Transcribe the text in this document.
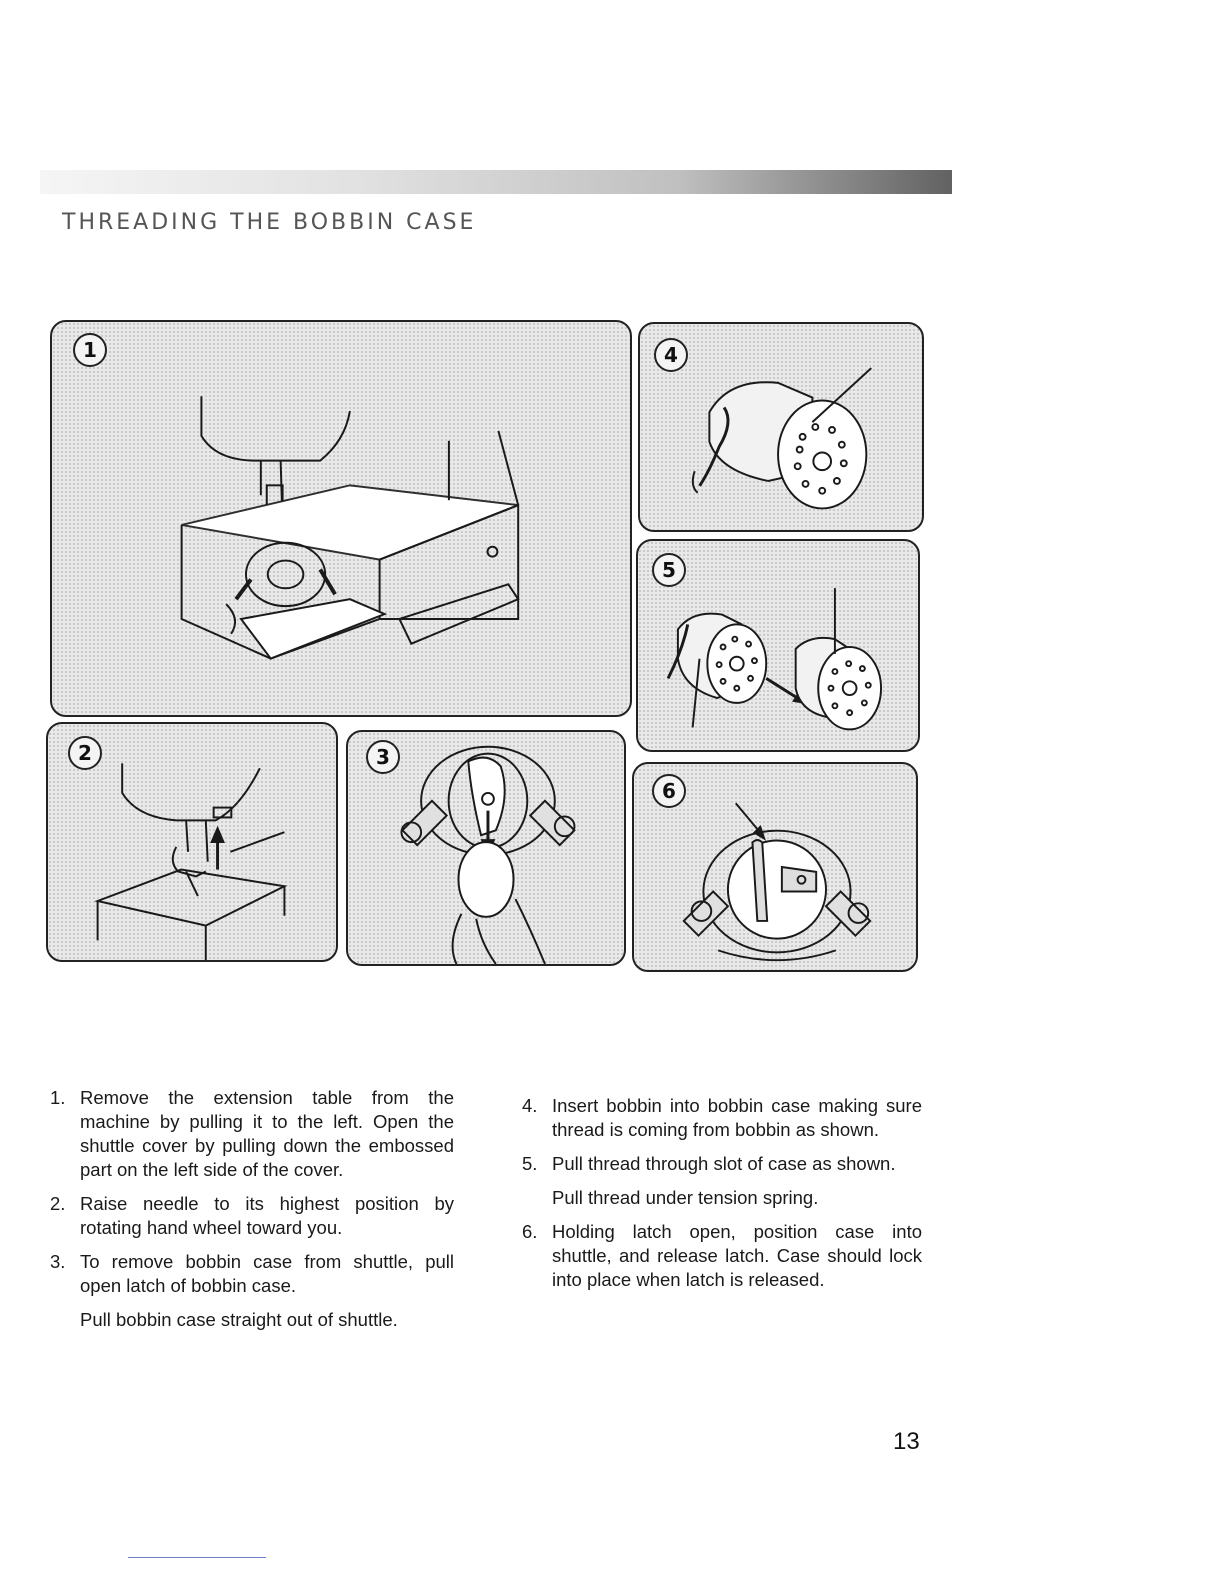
THREADING THE BOBBIN CASE
1	4
5
2	3
6
1. Remove the extension table from the machine by pulling it to the left. Open the shuttle cover by pulling down the embossed part on the left side of the cover.
2. Raise needle to its highest position by rotating hand wheel toward you.
3. To remove bobbin case from shuttle, pull open latch of bobbin case.

Pull bobbin case straight out of shuttle.

4. Insert bobbin into bobbin case making sure thread is coming from bobbin as shown.
5. Pull thread through slot of case as shown.

Pull thread under tension spring.

6. Holding latch open, position case into shuttle, and release latch. Case should lock into place when latch is released.
13
